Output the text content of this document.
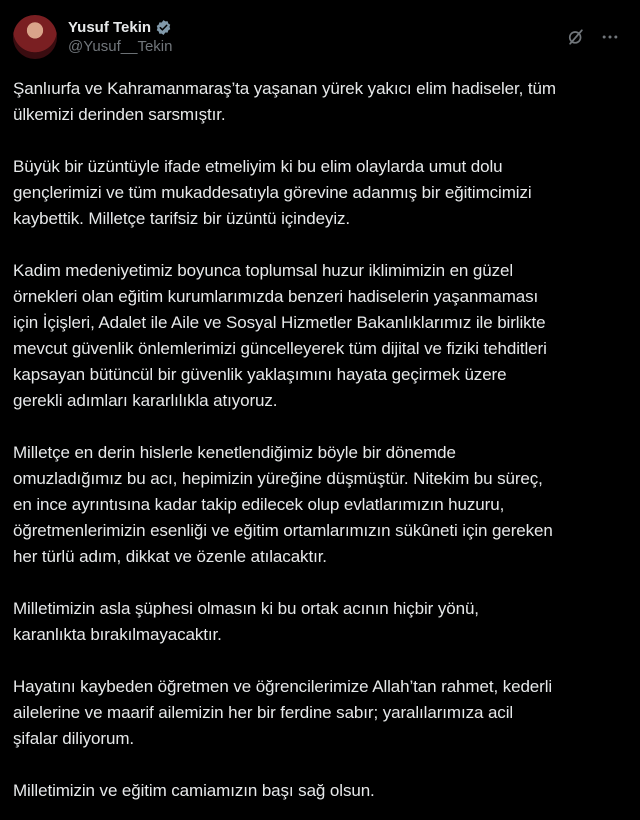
Yusuf Tekin
@Yusuf__Tekin

Şanlıurfa ve Kahramanmaraş’ta yaşanan yürek yakıcı elim hadiseler, tüm
ülkemizi derinden sarsmıştır.

Büyük bir üzüntüyle ifade etmeliyim ki bu elim olaylarda umut dolu
gençlerimizi ve tüm mukaddesatıyla görevine adanmış bir eğitimcimizi
kaybettik. Milletçe tarifsiz bir üzüntü içindeyiz.

Kadim medeniyetimiz boyunca toplumsal huzur iklimimizin en güzel
örnekleri olan eğitim kurumlarımızda benzeri hadiselerin yaşanmaması
için İçişleri, Adalet ile Aile ve Sosyal Hizmetler Bakanlıklarımız ile birlikte
mevcut güvenlik önlemlerimizi güncelleyerek tüm dijital ve fiziki tehditleri
kapsayan bütüncül bir güvenlik yaklaşımını hayata geçirmek üzere
gerekli adımları kararlılıkla atıyoruz.

Milletçe en derin hislerle kenetlendiğimiz böyle bir dönemde
omuzladığımız bu acı, hepimizin yüreğine düşmüştür. Nitekim bu süreç,
en ince ayrıntısına kadar takip edilecek olup evlatlarımızın huzuru,
öğretmenlerimizin esenliği ve eğitim ortamlarımızın sükûneti için gereken
her türlü adım, dikkat ve özenle atılacaktır.

Milletimizin asla şüphesi olmasın ki bu ortak acının hiçbir yönü,
karanlıkta bırakılmayacaktır.

Hayatını kaybeden öğretmen ve öğrencilerimize Allah’tan rahmet, kederli
ailelerine ve maarif ailemizin her bir ferdine sabır; yaralılarımıza acil
şifalar diliyorum.

Milletimizin ve eğitim camiamızın başı sağ olsun.
